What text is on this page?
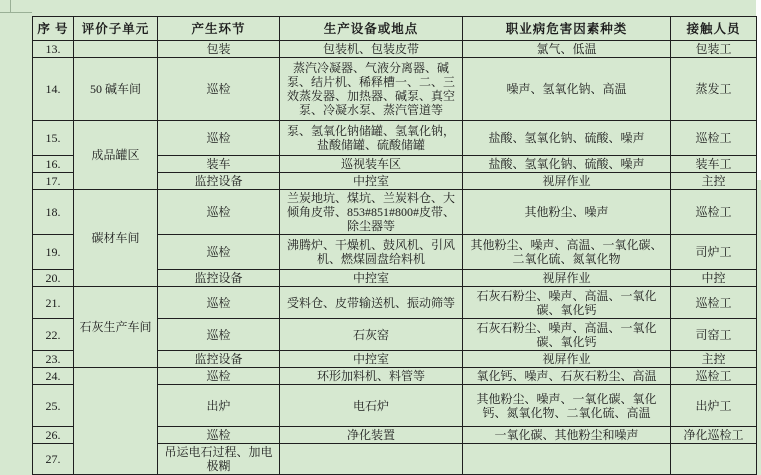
序 号	评价子单元	产生环节	生产设备或地点	职业病危害因素种类	接触人员
13.		包装	包装机、包装皮带	氯气、低温	包装工
14.	50 碱车间	巡检	蒸汽冷凝器、气液分离器、碱泵、结片机、稀释槽一、二、三效蒸发器、加热器、碱泵、真空泵、冷凝水泵、蒸汽管道等	噪声、氢氧化钠、高温	蒸发工
15.	成品罐区	巡检	泵、氢氧化钠储罐、氢氧化钠，盐酸储罐、硫酸储罐	盐酸、氢氧化钠、硫酸、噪声	巡检工
16.		装车	巡视装车区	盐酸、氢氧化钠、硫酸、噪声	装车工
17.		监控设备	中控室	视屏作业	主控
18.	碳材车间	巡检	兰炭地坑、煤坑、兰炭料仓、大倾角皮带、853#851#800#皮带、除尘器等	其他粉尘、噪声	巡检工
19.		巡检	沸腾炉、干燥机、鼓风机、引风机、燃煤圆盘给料机	其他粉尘、噪声、高温、一氧化碳、二氧化硫、氮氧化物	司炉工
20.		监控设备	中控室	视屏作业	中控
21.	石灰生产车间	巡检	受料仓、皮带输送机、振动筛等	石灰石粉尘、噪声、高温、一氧化碳、氧化钙	巡检工
22.		巡检	石灰窑	石灰石粉尘、噪声、高温、一氧化碳、氧化钙	司窑工
23.		监控设备	中控室	视屏作业	主控
24.		巡检	环形加料机、料管等	氧化钙、噪声、石灰石粉尘、高温	巡检工
25.		出炉	电石炉	其他粉尘、噪声、一氧化碳、氧化钙、氮氧化物、二氧化硫、高温	出炉工
26.		巡检	净化装置	一氧化碳、其他粉尘和噪声	净化巡检工
27.		吊运电石过程、加电极糊			
